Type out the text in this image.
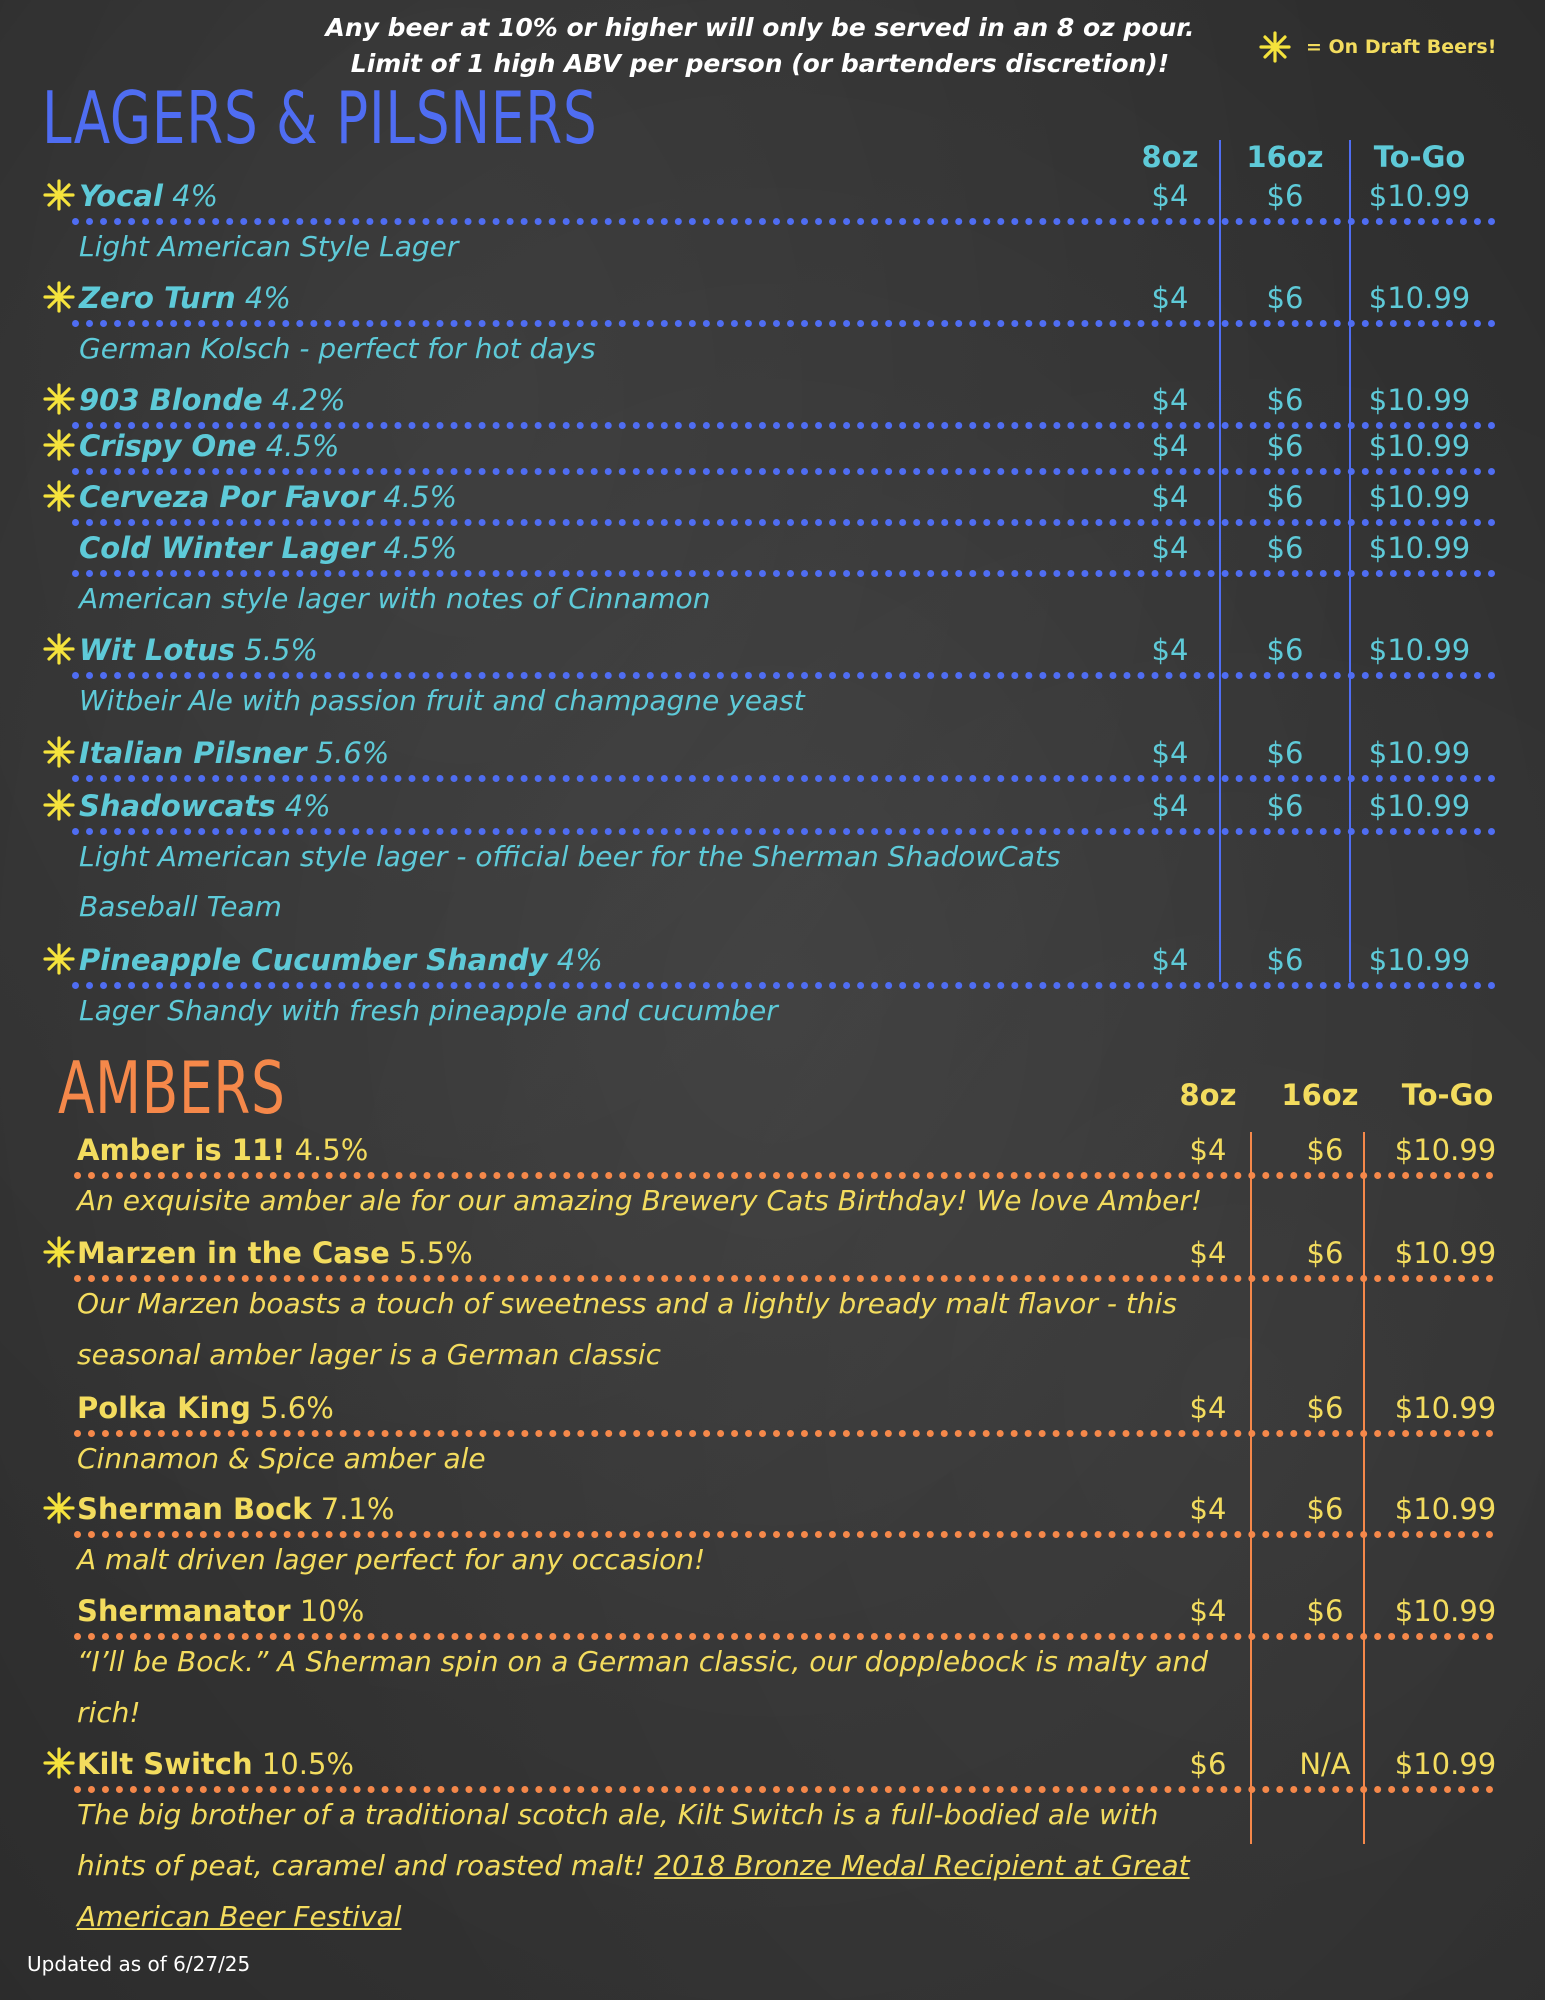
Any beer at 10% or higher will only be served in an 8 oz pour. Limit of 1 high ABV per person (or bartenders discretion)!
= On Draft Beers!
LAGERS & PILSNERS	8oz	16oz	To-Go
Yocal 4%	$4	$6	$10.99
Light American Style Lager
Zero Turn 4%	$4	$6	$10.99
German Kolsch - perfect for hot days
903 Blonde 4.2%	$4	$6	$10.99
Crispy One 4.5%	$4	$6	$10.99
Cerveza Por Favor 4.5%	$4	$6	$10.99
Cold Winter Lager 4.5%	$4	$6	$10.99
American style lager with notes of Cinnamon
Wit Lotus 5.5%	$4	$6	$10.99
Witbeir Ale with passion fruit and champagne yeast
Italian Pilsner 5.6%	$4	$6	$10.99
Shadowcats 4%	$4	$6	$10.99
Light American style lager - official beer for the Sherman ShadowCats
Baseball Team
Pineapple Cucumber Shandy 4%	$4	$6	$10.99
Lager Shandy with fresh pineapple and cucumber
AMBERS	8oz	16oz	To-Go
Amber is 11! 4.5%	$4	$6	$10.99
An exquisite amber ale for our amazing Brewery Cats Birthday! We love Amber!
Marzen in the Case 5.5%	$4	$6	$10.99
Our Marzen boasts a touch of sweetness and a lightly bready malt flavor - this
seasonal amber lager is a German classic
Polka King 5.6%	$4	$6	$10.99
Cinnamon & Spice amber ale
Sherman Bock 7.1%	$4	$6	$10.99
A malt driven lager perfect for any occasion!
Shermanator 10%	$4	$6	$10.99
“I’ll be Bock.” A Sherman spin on a German classic, our dopplebock is malty and
rich!
Kilt Switch 10.5%	$6	N/A	$10.99
The big brother of a traditional scotch ale, Kilt Switch is a full-bodied ale with
hints of peat, caramel and roasted malt! 2018 Bronze Medal Recipient at Great
American Beer Festival
Updated as of 6/27/25
